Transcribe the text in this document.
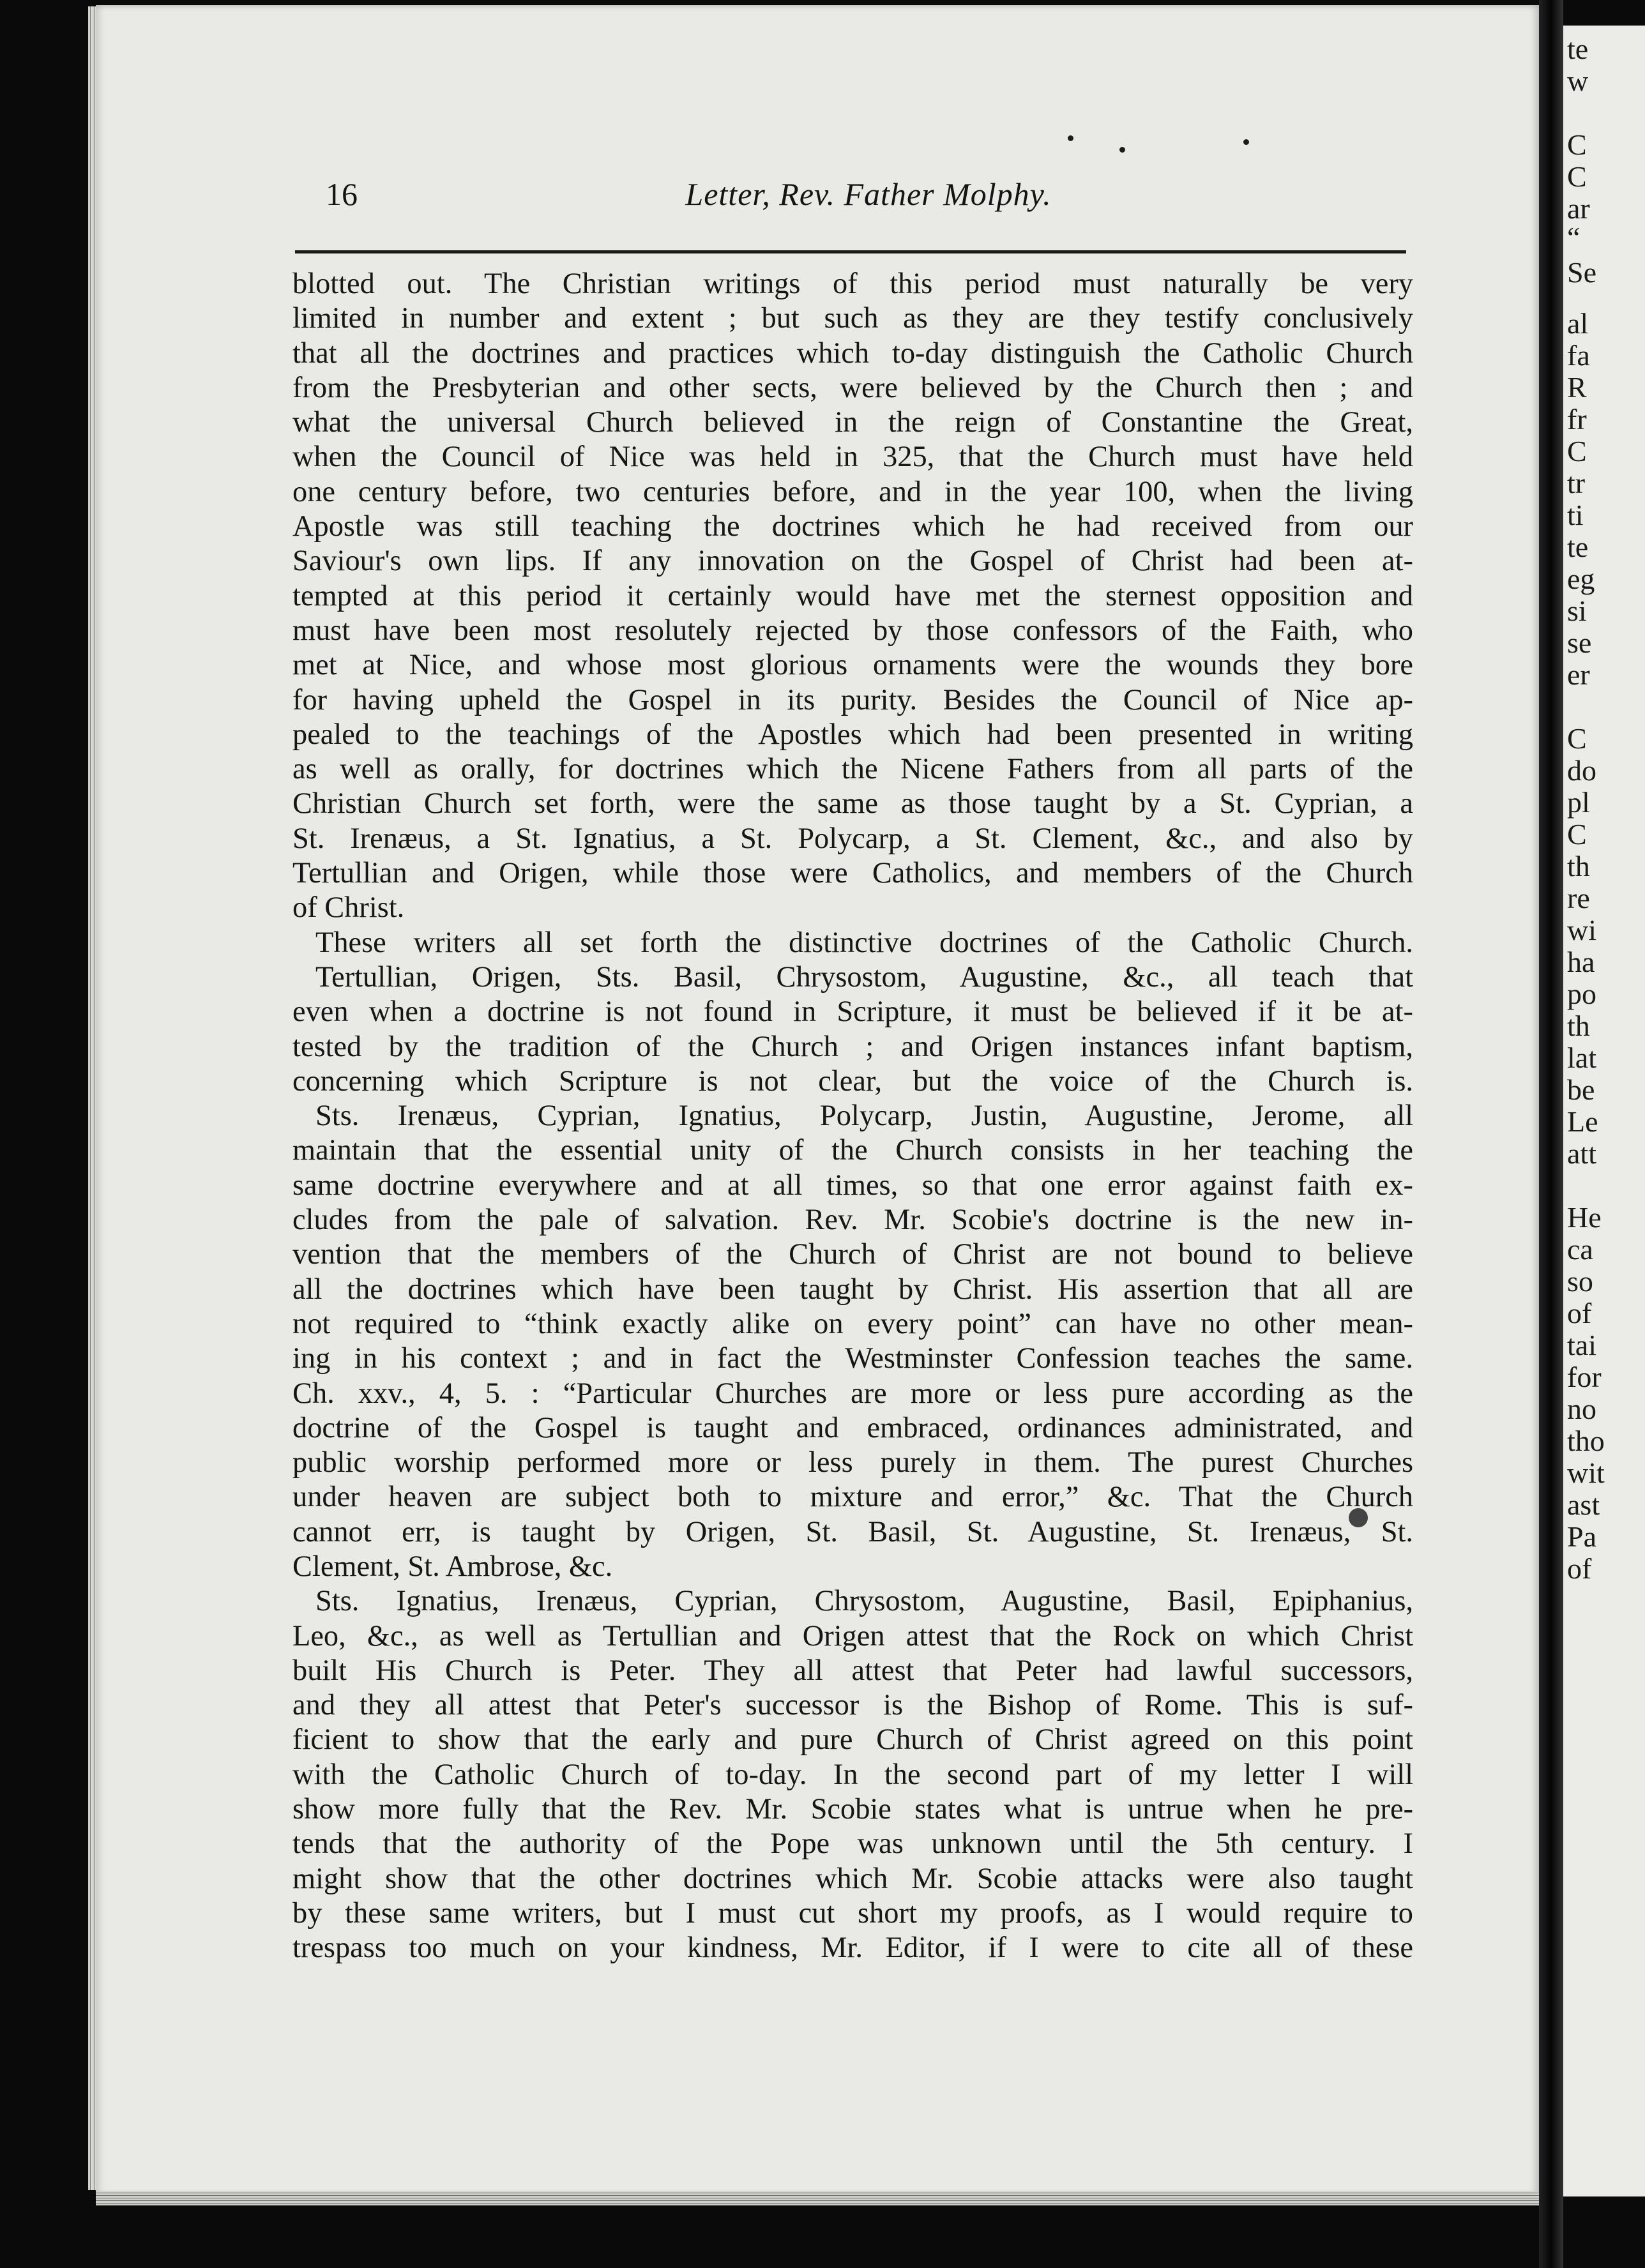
te
w
C
C
ar
“
Se
al
fa
R
fr
C
tr
ti
te
eg
si
se
er
C
do
pl
C
th
re
wi
ha
po
th
lat
be
Le
att
He
ca
so
of
tai
for
no
tho
wit
ast
Pa
of
16	Letter, Rev. Father Molphy.
blotted out. The Christian writings of this period must naturally be very
limited in number and extent ; but such as they are they testify conclusively
that all the doctrines and practices which to-day distinguish the Catholic Church
from the Presbyterian and other sects, were believed by the Church then ; and
what the universal Church believed in the reign of Constantine the Great,
when the Council of Nice was held in 325, that the Church must have held
one century before, two centuries before, and in the year 100, when the living
Apostle was still teaching the doctrines which he had received from our
Saviour's own lips. If any innovation on the Gospel of Christ had been at-
tempted at this period it certainly would have met the sternest opposition and
must have been most resolutely rejected by those confessors of the Faith, who
met at Nice, and whose most glorious ornaments were the wounds they bore
for having upheld the Gospel in its purity. Besides the Council of Nice ap-
pealed to the teachings of the Apostles which had been presented in writing
as well as orally, for doctrines which the Nicene Fathers from all parts of the
Christian Church set forth, were the same as those taught by a St. Cyprian, a
St. Irenæus, a St. Ignatius, a St. Polycarp, a St. Clement, &c., and also by
Tertullian and Origen, while those were Catholics, and members of the Church
of Christ.
These writers all set forth the distinctive doctrines of the Catholic Church.
Tertullian, Origen, Sts. Basil, Chrysostom, Augustine, &c., all teach that
even when a doctrine is not found in Scripture, it must be believed if it be at-
tested by the tradition of the Church ; and Origen instances infant baptism,
concerning which Scripture is not clear, but the voice of the Church is.
Sts. Irenæus, Cyprian, Ignatius, Polycarp, Justin, Augustine, Jerome, all
maintain that the essential unity of the Church consists in her teaching the
same doctrine everywhere and at all times, so that one error against faith ex-
cludes from the pale of salvation. Rev. Mr. Scobie's doctrine is the new in-
vention that the members of the Church of Christ are not bound to believe
all the doctrines which have been taught by Christ. His assertion that all are
not required to “think exactly alike on every point” can have no other mean-
ing in his context ; and in fact the Westminster Confession teaches the same.
Ch. xxv., 4, 5. : “Particular Churches are more or less pure according as the
doctrine of the Gospel is taught and embraced, ordinances administrated, and
public worship performed more or less purely in them. The purest Churches
under heaven are subject both to mixture and error,” &c. That the Church
cannot err, is taught by Origen, St. Basil, St. Augustine, St. Irenæus, St.
Clement, St. Ambrose, &c.
Sts. Ignatius, Irenæus, Cyprian, Chrysostom, Augustine, Basil, Epiphanius,
Leo, &c., as well as Tertullian and Origen attest that the Rock on which Christ
built His Church is Peter. They all attest that Peter had lawful successors,
and they all attest that Peter's successor is the Bishop of Rome. This is suf-
ficient to show that the early and pure Church of Christ agreed on this point
with the Catholic Church of to-day. In the second part of my letter I will
show more fully that the Rev. Mr. Scobie states what is untrue when he pre-
tends that the authority of the Pope was unknown until the 5th century. I
might show that the other doctrines which Mr. Scobie attacks were also taught
by these same writers, but I must cut short my proofs, as I would require to
trespass too much on your kindness, Mr. Editor, if I were to cite all of these
